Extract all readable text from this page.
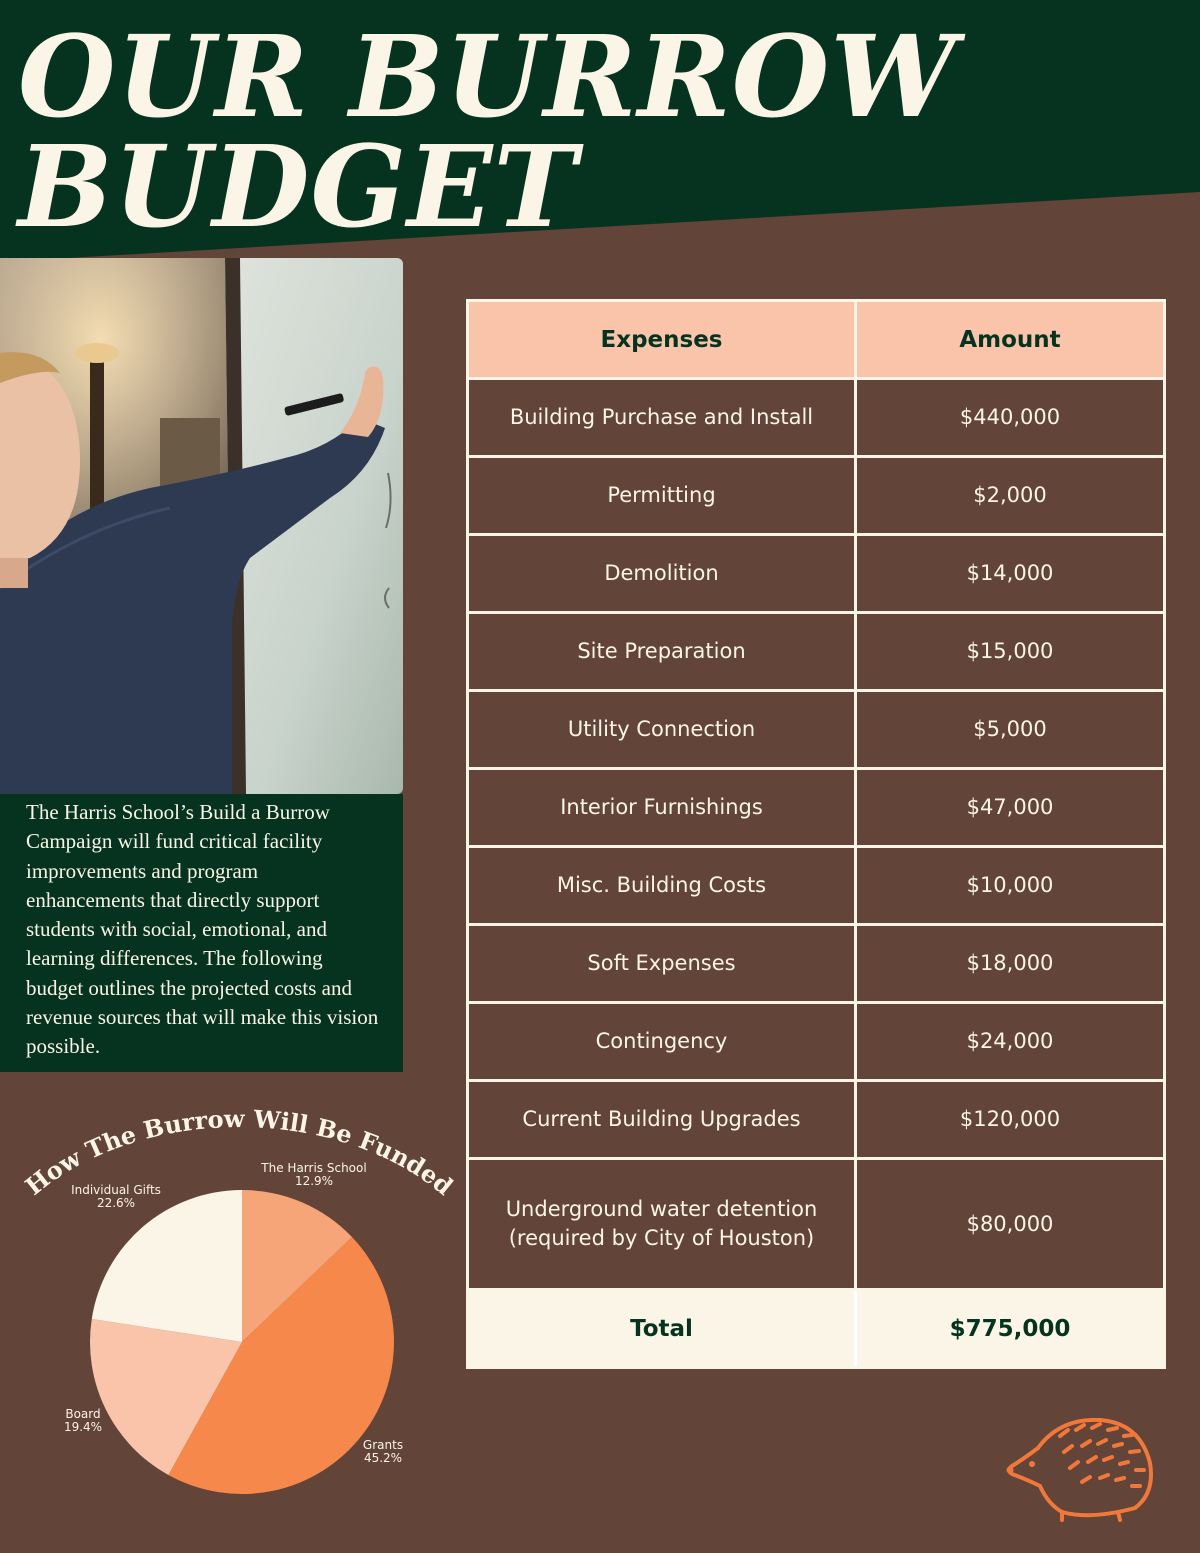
OUR BURROW
BUDGET

The Harris School’s Build a Burrow Campaign will fund critical facility improvements and program enhancements that directly support students with social, emotional, and learning differences. The following budget outlines the projected costs and revenue sources that will make this vision possible.

How The Burrow Will Be Funded
The Harris School
12.9%
Grants
45.2%
Board
19.4%
Individual Gifts
22.6%
Expenses	Amount
Building Purchase and Install	$440,000
Permitting	$2,000
Demolition	$14,000
Site Preparation	$15,000
Utility Connection	$5,000
Interior Furnishings	$47,000
Misc. Building Costs	$10,000
Soft Expenses	$18,000
Contingency	$24,000
Current Building Upgrades	$120,000
Underground water detention (required by City of Houston)	$80,000
Total	$775,000
